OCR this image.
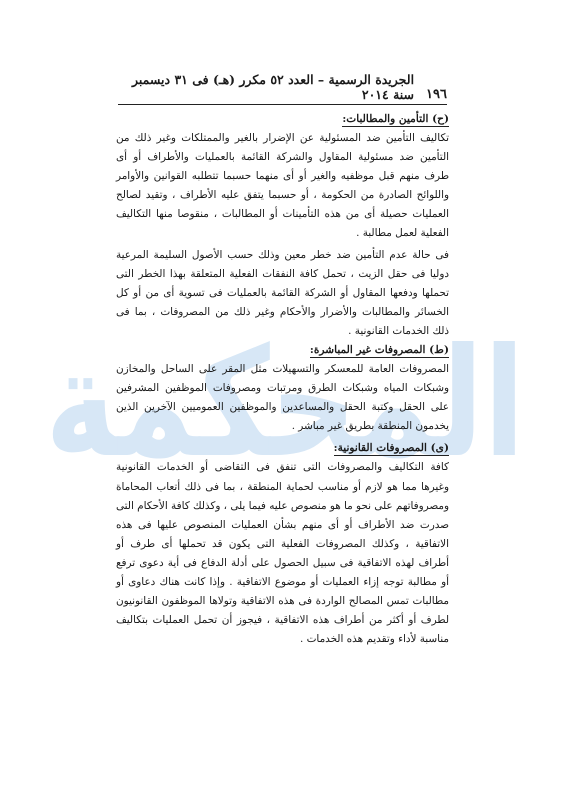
المحكمة
١٩٦
الجريدة الرسمية – العدد ٥٢ مكرر (هـ) فى ٣١ ديسمبر سنة ٢٠١٤

(ح) التأمين والمطالبات:

تكاليف التأمين ضد المسئولية عن الإضرار بالغير والممتلكات وغير ذلك من التأمين ضد مسئولية المقاول والشركة القائمة بالعمليات والأطراف أو أى طرف منهم قبل موظفيه والغير أو أى منهما حسبما تتطلبه القوانين والأوامر واللوائح الصادرة من الحكومة ، أو حسبما يتفق عليه الأطراف ، وتقيد لصالح العمليات حصيلة أى من هذه التأمينات أو المطالبات ، منقوصا منها التكاليف الفعلية لعمل مطالبة .

فى حالة عدم التأمين ضد خطر معين وذلك حسب الأصول السليمة المرعية دوليا فى حقل الزيت ، تحمل كافة النفقات الفعلية المتعلقة بهذا الخطر التى تحملها ودفعها المقاول أو الشركة القائمة بالعمليات فى تسوية أى من أو كل الخسائر والمطالبات والأضرار والأحكام وغير ذلك من المصروفات ، بما فى ذلك الخدمات القانونية .

(ط) المصروفات غير المباشرة:

المصروفات العامة للمعسكر والتسهيلات مثل المقر على الساحل والمخازن وشبكات المياه وشبكات الطرق ومرتبات ومصروفات الموظفين المشرفين على الحقل وكتبة الحقل والمساعدين والموظفين العموميين الآخرين الذين يخدمون المنطقة بطريق غير مباشر .

(ى) المصروفات القانونية:

كافة التكاليف والمصروفات التى تنفق فى التقاضى أو الخدمات القانونية وغيرها مما هو لازم أو مناسب لحماية المنطقة ، بما فى ذلك أتعاب المحاماة ومصروفاتهم على نحو ما هو منصوص عليه فيما يلى ، وكذلك كافة الأحكام التى صدرت ضد الأطراف أو أى منهم بشأن العمليات المنصوص عليها فى هذه الاتفاقية ، وكذلك المصروفات الفعلية التى يكون قد تحملها أى طرف أو أطراف لهذه الاتفاقية فى سبيل الحصول على أدلة الدفاع فى أية دعوى ترفع أو مطالبة توجه إزاء العمليات أو موضوع الاتفاقية . وإذا كانت هناك دعاوى أو مطالبات تمس المصالح الواردة فى هذه الاتفاقية وتولاها الموظفون القانونيون لطرف أو أكثر من أطراف هذه الاتفاقية ، فيجوز أن تحمل العمليات بتكاليف مناسبة لأداء وتقديم هذه الخدمات .
